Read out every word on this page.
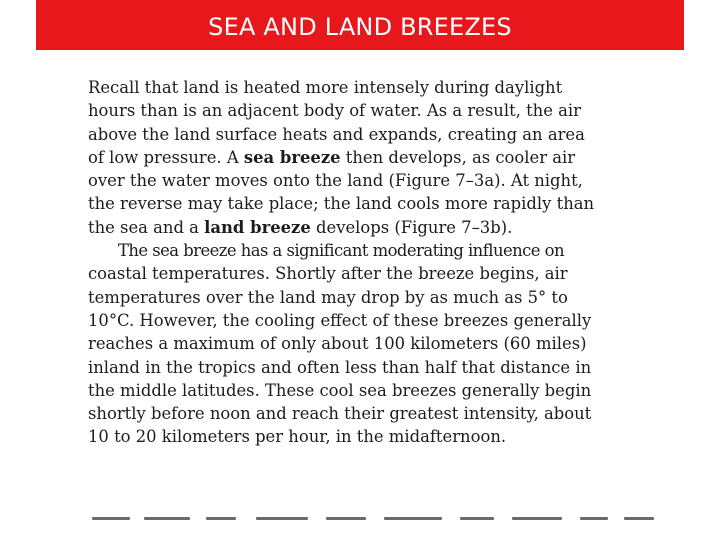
SEA AND LAND BREEZES
Recall that land is heated more intensely during daylight
hours than is an adjacent body of water. As a result, the air
above the land surface heats and expands, creating an area
of low pressure. A sea breeze then develops, as cooler air
over the water moves onto the land (Figure 7–3a). At night,
the reverse may take place; the land cools more rapidly than
the sea and a land breeze develops (Figure 7–3b).
The sea breeze has a significant moderating influence on
coastal temperatures. Shortly after the breeze begins, air
temperatures over the land may drop by as much as 5° to
10°C. However, the cooling effect of these breezes generally
reaches a maximum of only about 100 kilometers (60 miles)
inland in the tropics and often less than half that distance in
the middle latitudes. These cool sea breezes generally begin
shortly before noon and reach their greatest intensity, about
10 to 20 kilometers per hour, in the midafternoon.
